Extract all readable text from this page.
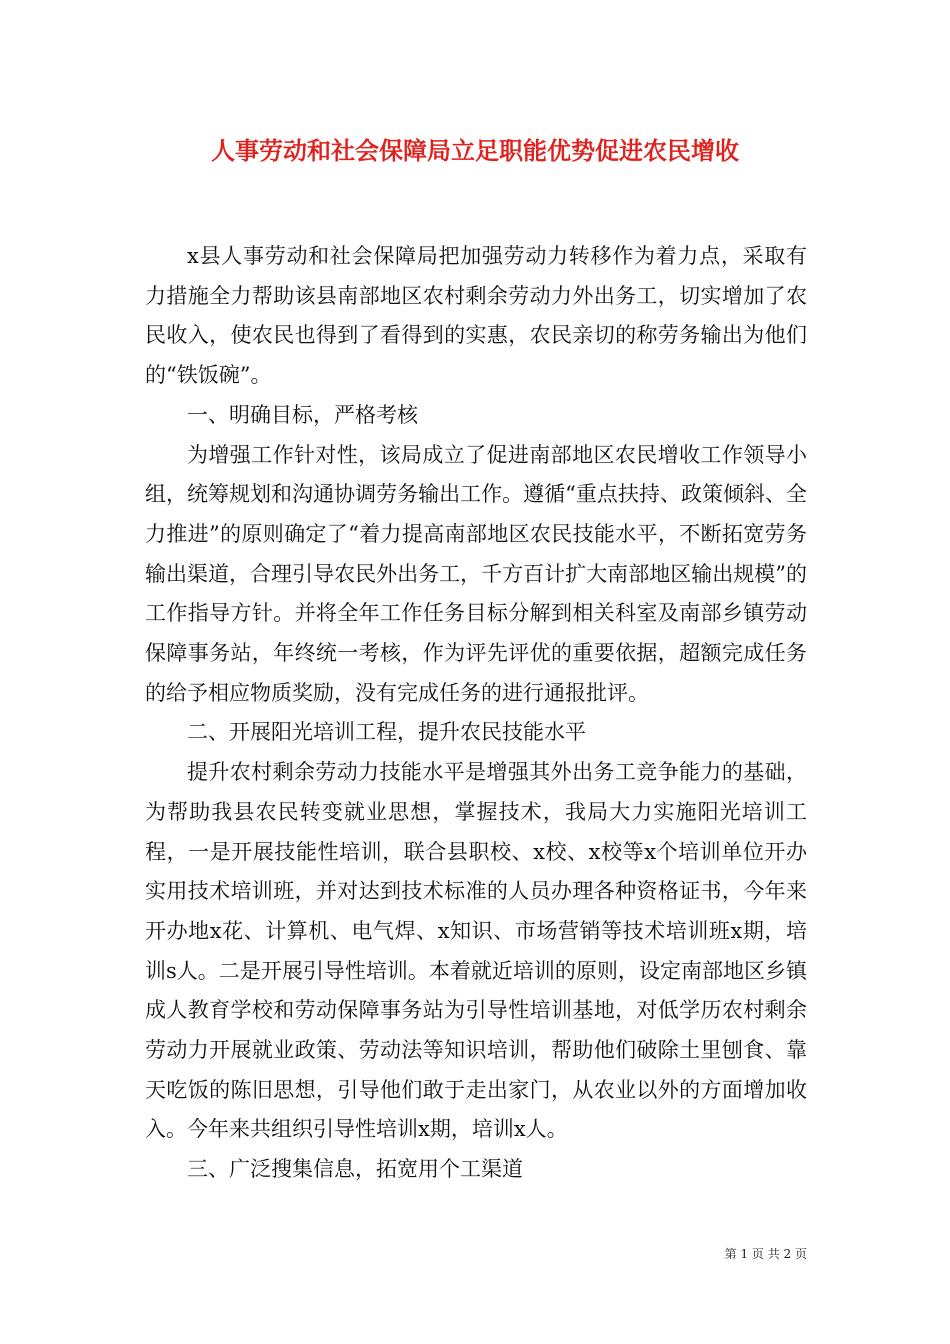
人事劳动和社会保障局立足职能优势促进农民增收

x县人事劳动和社会保障局把加强劳动力转移作为着力点，采取有力措施全力帮助该县南部地区农村剩余劳动力外出务工，切实增加了农民收入，使农民也得到了看得到的实惠，农民亲切的称劳务输出为他们的“铁饭碗”。

一、明确目标，严格考核

为增强工作针对性，该局成立了促进南部地区农民增收工作领导小组，统筹规划和沟通协调劳务输出工作。遵循“重点扶持、政策倾斜、全力推进”的原则确定了“着力提高南部地区农民技能水平，不断拓宽劳务输出渠道，合理引导农民外出务工，千方百计扩大南部地区输出规模”的工作指导方针。并将全年工作任务目标分解到相关科室及南部乡镇劳动保障事务站，年终统一考核，作为评先评优的重要依据，超额完成任务的给予相应物质奖励，没有完成任务的进行通报批评。

二、开展阳光培训工程，提升农民技能水平

提升农村剩余劳动力技能水平是增强其外出务工竞争能力的基础，为帮助我县农民转变就业思想，掌握技术，我局大力实施阳光培训工程，一是开展技能性培训，联合县职校、x校、x校等x个培训单位开办实用技术培训班，并对达到技术标准的人员办理各种资格证书，今年来开办地x花、计算机、电气焊、x知识、市场营销等技术培训班x期，培训s人。二是开展引导性培训。本着就近培训的原则，设定南部地区乡镇成人教育学校和劳动保障事务站为引导性培训基地，对低学历农村剩余劳动力开展就业政策、劳动法等知识培训，帮助他们破除土里刨食、靠天吃饭的陈旧思想，引导他们敢于走出家门，从农业以外的方面增加收入。今年来共组织引导性培训x期，培训x人。

三、广泛搜集信息，拓宽用个工渠道

第 1 页 共 2 页
